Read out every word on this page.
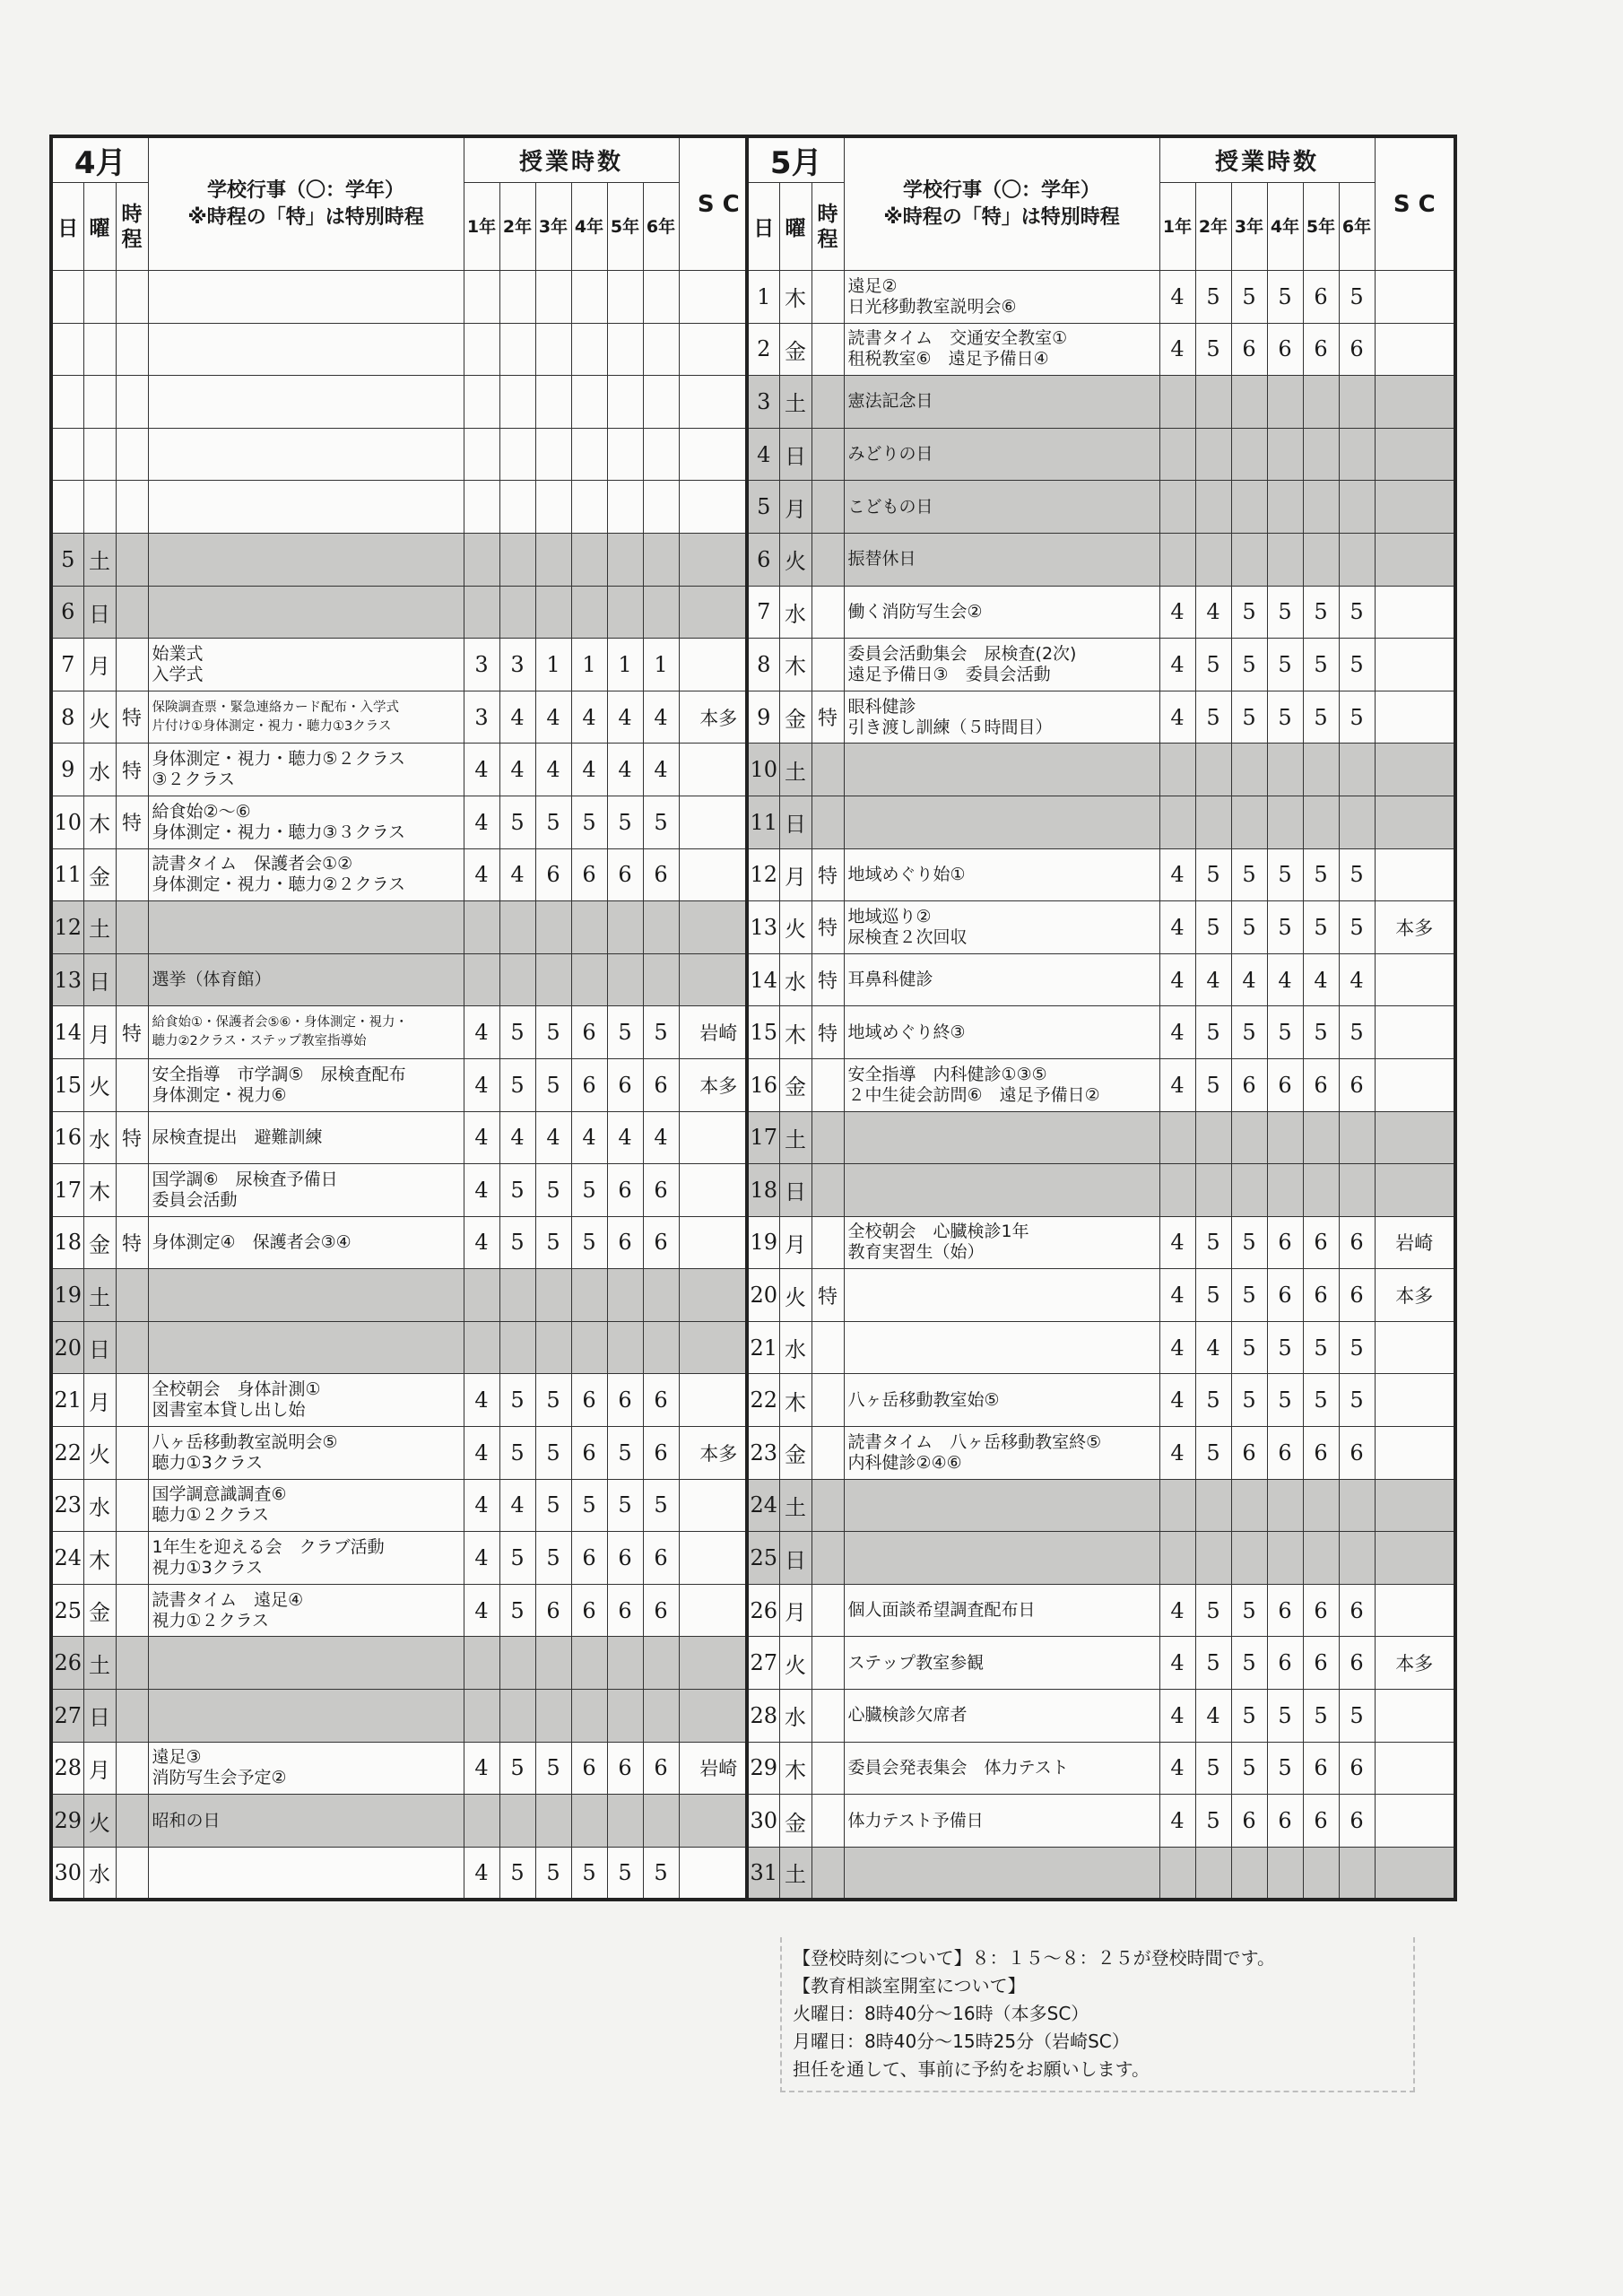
4月			学校行事（〇：学年）
※時程の「特」は特別時程	授業時数						S C
日	曜	時程		1年	2年	3年	4年	5年	6年	

5	土									
6	日									
7	月		始業式
入学式	3	3	1	1	1	1	
8	火	特	保険調査票・緊急連絡カード配布・入学式
片付け①身体測定・視力・聴力①3クラス	3	4	4	4	4	4	本多
9	水	特	身体測定・視力・聴力⑤２クラス
③２クラス	4	4	4	4	4	4	
10	木	特	給食始②～⑥
身体測定・視力・聴力③３クラス	4	5	5	5	5	5	
11	金		読書タイム　保護者会①②
身体測定・視力・聴力②２クラス	4	4	6	6	6	6	
12	土									
13	日		選挙（体育館）							
14	月	特	給食始①・保護者会⑤⑥・身体測定・視力・
聴力②2クラス・ステップ教室指導始	4	5	5	6	5	5	岩崎
15	火		安全指導　市学調⑤　尿検査配布
身体測定・視力⑥	4	5	5	6	6	6	本多
16	水	特	尿検査提出　避難訓練	4	4	4	4	4	4	
17	木		国学調⑥　尿検査予備日
委員会活動	4	5	5	5	6	6	
18	金	特	身体測定④　保護者会③④	4	5	5	5	6	6	
19	土									
20	日									
21	月		全校朝会　身体計測①
図書室本貸し出し始	4	5	5	6	6	6	
22	火		八ヶ岳移動教室説明会⑤
聴力①3クラス	4	5	5	6	5	6	本多
23	水		国学調意識調査⑥
聴力①２クラス	4	4	5	5	5	5	
24	木		1年生を迎える会　クラブ活動
視力①3クラス	4	5	5	6	6	6	
25	金		読書タイム　遠足④
視力①２クラス	4	5	6	6	6	6	
26	土									
27	日									
28	月		遠足③
消防写生会予定②	4	5	5	6	6	6	岩崎
29	火		昭和の日							
30	水			4	5	5	5	5	5	
5月			学校行事（〇：学年）
※時程の「特」は特別時程	授業時数						S C
日	曜	時程		1年	2年	3年	4年	5年	6年	
1	木		遠足②
日光移動教室説明会⑥	4	5	5	5	6	5	
2	金		読書タイム　交通安全教室①
租税教室⑥　遠足予備日④	4	5	6	6	6	6	
3	土		憲法記念日							
4	日		みどりの日							
5	月		こどもの日							
6	火		振替休日							
7	水		働く消防写生会②	4	4	5	5	5	5	
8	木		委員会活動集会　尿検査(2次)
遠足予備日③　委員会活動	4	5	5	5	5	5	
9	金	特	眼科健診
引き渡し訓練（５時間目）	4	5	5	5	5	5	
10	土									
11	日									
12	月	特	地域めぐり始①	4	5	5	5	5	5	
13	火	特	地域巡り②
尿検査２次回収	4	5	5	5	5	5	本多
14	水	特	耳鼻科健診	4	4	4	4	4	4	
15	木	特	地域めぐり終③	4	5	5	5	5	5	
16	金		安全指導　内科健診①③⑤
２中生徒会訪問⑥　遠足予備日②	4	5	6	6	6	6	
17	土									
18	日									
19	月		全校朝会　心臓検診1年
教育実習生（始）	4	5	5	6	6	6	岩崎
20	火	特		4	5	5	6	6	6	本多
21	水			4	4	5	5	5	5	
22	木		八ヶ岳移動教室始⑤	4	5	5	5	5	5	
23	金		読書タイム　八ヶ岳移動教室終⑤
内科健診②④⑥	4	5	6	6	6	6	
24	土									
25	日									
26	月		個人面談希望調査配布日	4	5	5	6	6	6	
27	火		ステップ教室参観	4	5	5	6	6	6	本多
28	水		心臓検診欠席者	4	4	5	5	5	5	
29	木		委員会発表集会　体力テスト	4	5	5	5	6	6	
30	金		体力テスト予備日	4	5	6	6	6	6	
31	土									
【登校時刻について】８：１５～８：２５が登校時間です。
【教育相談室開室について】
火曜日：8時40分～16時（本多SC）
月曜日：8時40分～15時25分（岩崎SC）
担任を通して、事前に予約をお願いします。
